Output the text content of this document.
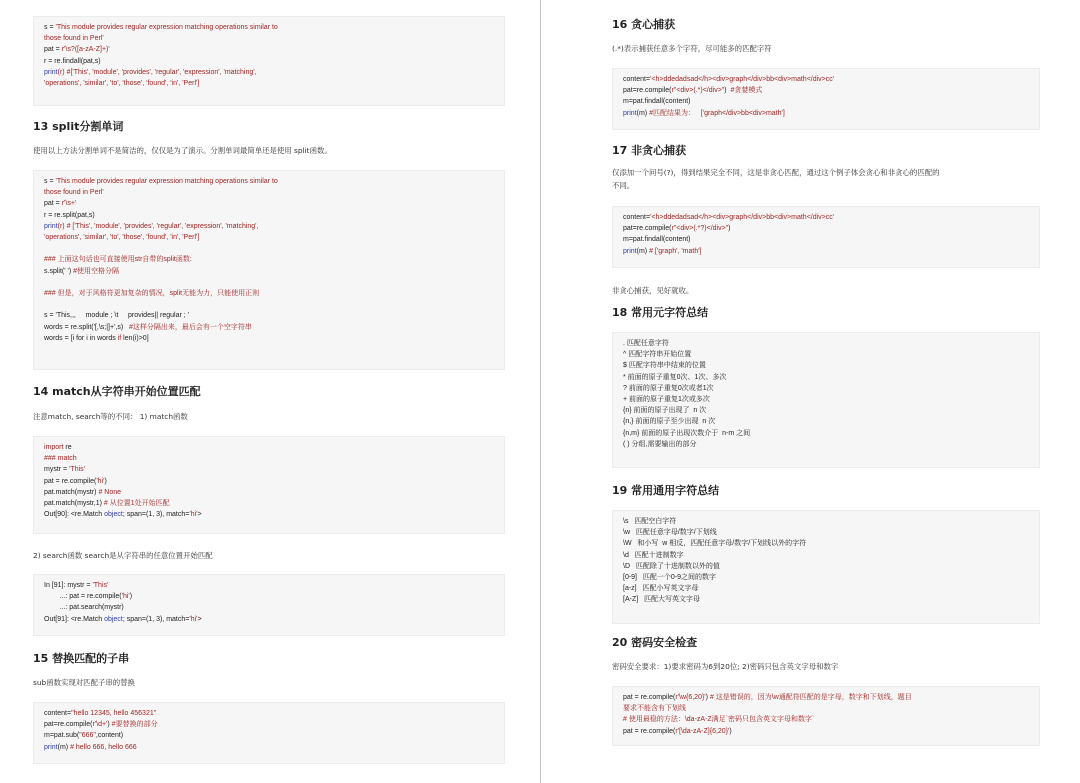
s = 'This module provides regular expression matching operations similar to
those found in Perl'
pat = r'\s?([a-zA-Z]+)'
r = re.findall(pat,s)
print(r) #['This', 'module', 'provides', 'regular', 'expression', 'matching',
'operations', 'similar', 'to', 'those', 'found', 'in', 'Perl']
13 split分割单词
使用以上方法分割单词不是简洁的，仅仅是为了演示。分割单词最简单还是使用 split函数。
s = 'This module provides regular expression matching operations similar to
those found in Perl'
pat = r'\s+'
r = re.split(pat,s)
print(r) # ['This', 'module', 'provides', 'regular', 'expression', 'matching',
'operations', 'similar', 'to', 'those', 'found', 'in', 'Perl']

### 上面这句话也可直接使用str自带的split函数:
s.split(' ') #使用空格分隔

### 但是，对于风格符更加复杂的情况，split无能为力，只能使用正则

s = 'This,,,     module ; \t     provides|| regular ; '
words = re.split('[,\s;|]+',s)   #这样分隔出来，最后会有一个空字符串
words = [i for i in words if len(i)>0]
14 match从字符串开始位置匹配
注意match, search等的不同： 1) match函数
import re
### match
mystr = 'This'
pat = re.compile('hi')
pat.match(mystr) # None
pat.match(mystr,1) # 从位置1处开始匹配
Out[90]: <re.Match object; span=(1, 3), match='hi'>
2) search函数 search是从字符串的任意位置开始匹配
In [91]: mystr = 'This'
...: pat = re.compile('hi')
...: pat.search(mystr)
Out[91]: <re.Match object; span=(1, 3), match='hi'>
15 替换匹配的子串
sub函数实现对匹配子串的替换
content="hello 12345, hello 456321"
pat=re.compile(r'\d+') #要替换的部分
m=pat.sub("666",content)
print(m) # hello 666, hello 666
16 贪心捕获
(.*)表示捕获任意多个字符，尽可能多的匹配字符
content='<h>ddedadsad</h><div>graph</div>bb<div>math</div>cc'
pat=re.compile(r"<div>(.*)</div>")  #贪婪模式
m=pat.findall(content)
print(m) #匹配结果为：   ['graph</div>bb<div>math']
17 非贪心捕获
仅添加一个问号(?)，得到结果完全不同，这是非贪心匹配，通过这个例子体会贪心和非贪心的匹配的
不同。
content='<h>ddedadsad</h><div>graph</div>bb<div>math</div>cc'
pat=re.compile(r"<div>(.*?)</div>")
m=pat.findall(content)
print(m) # ['graph', 'math']
非贪心捕获，见好就收。
18 常用元字符总结
. 匹配任意字符
^ 匹配字符串开始位置
$ 匹配字符串中结束的位置
* 前面的原子重复0次、1次、多次
? 前面的原子重复0次或者1次
+ 前面的原子重复1次或多次
{n} 前面的原子出现了  n 次
{n,} 前面的原子至少出现  n 次
{n,m} 前面的原子出现次数介于  n-m 之间
( ) 分组,需要输出的部分
19 常用通用字符总结
\s   匹配空白字符
\w   匹配任意字母/数字/下划线
\W   和小写  w 相反，匹配任意字母/数字/下划线以外的字符
\d   匹配十进制数字
\D   匹配除了十进制数以外的值
[0-9]   匹配一个0-9之间的数字
[a-z]   匹配小写英文字母
[A-Z]   匹配大写英文字母
20 密码安全检查
密码安全要求：1)要求密码为6到20位; 2)密码只包含英文字母和数字
pat = re.compile(r'\w{6,20}') # 这是错误的，因为\w通配符匹配的是字母，数字和下划线，题目
要求不能含有下划线
# 使用最稳的方法：\da-zA-Z满足`密码只包含英文字母和数字`
pat = re.compile(r'[\da-zA-Z]{6,20}')
